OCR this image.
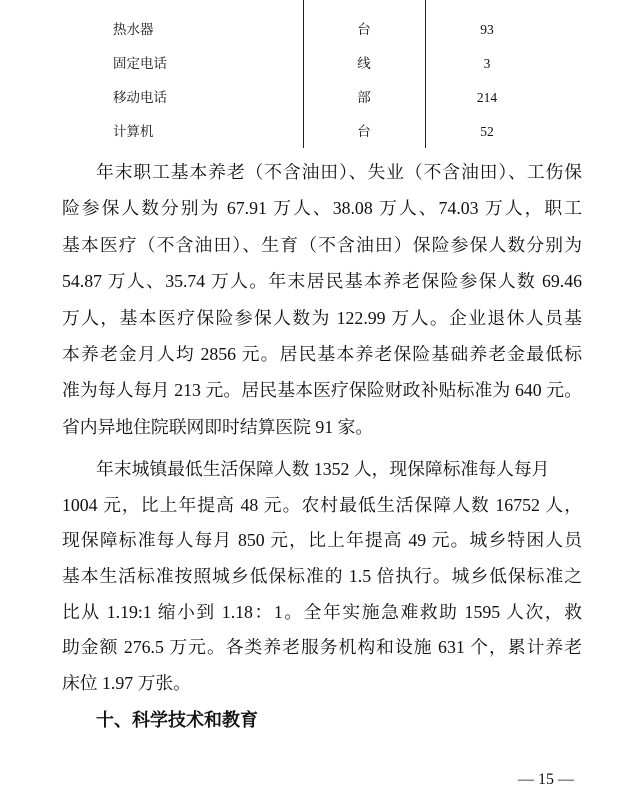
热水器	台	93
固定电话	线	3
移动电话	部	214
计算机	台	52
年末职工基本养老（不含油田）、失业（不含油田）、工伤保
险参保人数分别为 67.91 万人、38.08 万人、74.03 万人，职工
基本医疗（不含油田）、生育（不含油田）保险参保人数分别为
54.87 万人、35.74 万人。年末居民基本养老保险参保人数 69.46
万人，基本医疗保险参保人数为 122.99 万人。企业退休人员基
本养老金月人均 2856 元。居民基本养老保险基础养老金最低标
准为每人每月 213 元。居民基本医疗保险财政补贴标准为 640 元。
省内异地住院联网即时结算医院 91 家。
年末城镇最低生活保障人数 1352 人，现保障标准每人每月
1004 元，比上年提高 48 元。农村最低生活保障人数 16752 人，
现保障标准每人每月 850 元，比上年提高 49 元。城乡特困人员
基本生活标准按照城乡低保标准的 1.5 倍执行。城乡低保标准之
比从 1.19:1 缩小到 1.18：1。全年实施急难救助 1595 人次，救
助金额 276.5 万元。各类养老服务机构和设施 631 个，累计养老
床位 1.97 万张。
十、科学技术和教育
— 15 —
